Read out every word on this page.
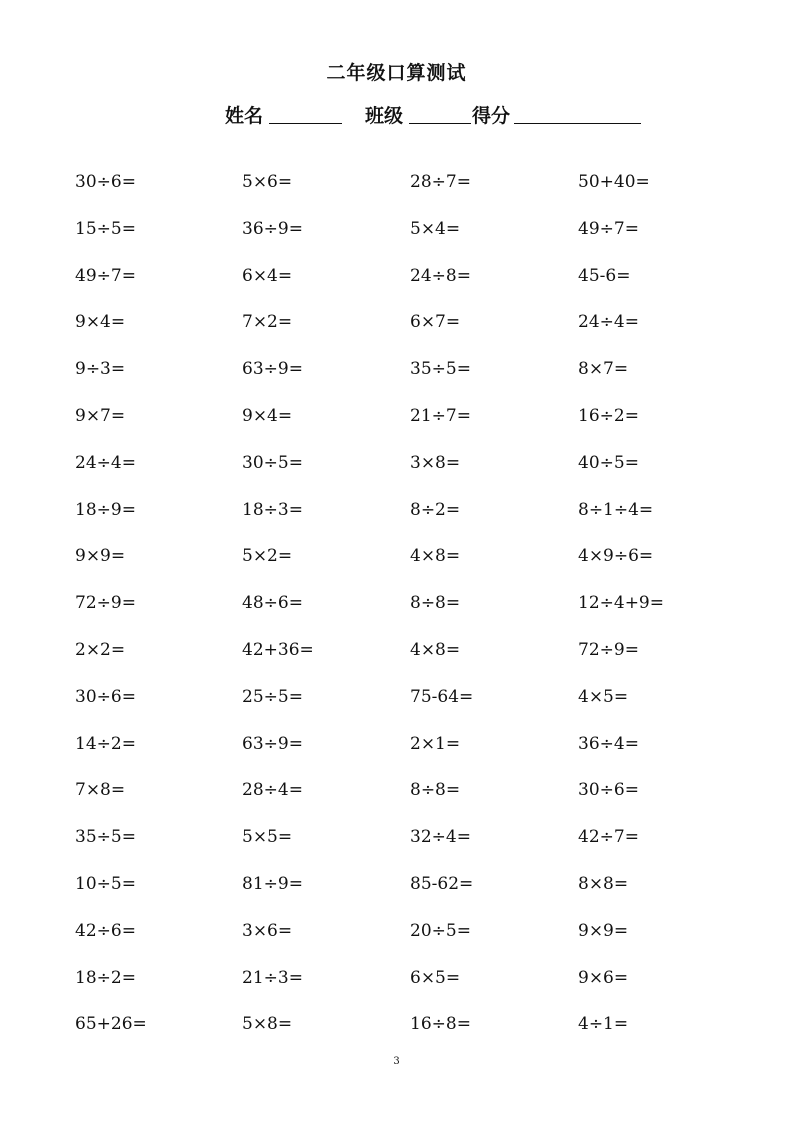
二年级口算测试
姓名	班级	得分
30÷6=	5×6=	28÷7=	50+40=
15÷5=	36÷9=	5×4=	49÷7=
49÷7=	6×4=	24÷8=	45-6=
9×4=	7×2=	6×7=	24÷4=
9÷3=	63÷9=	35÷5=	8×7=
9×7=	9×4=	21÷7=	16÷2=
24÷4=	30÷5=	3×8=	40÷5=
18÷9=	18÷3=	8÷2=	8÷1÷4=
9×9=	5×2=	4×8=	4×9÷6=
72÷9=	48÷6=	8÷8=	12÷4+9=
2×2=	42+36=	4×8=	72÷9=
30÷6=	25÷5=	75-64=	4×5=
14÷2=	63÷9=	2×1=	36÷4=
7×8=	28÷4=	8÷8=	30÷6=
35÷5=	5×5=	32÷4=	42÷7=
10÷5=	81÷9=	85-62=	8×8=
42÷6=	3×6=	20÷5=	9×9=
18÷2=	21÷3=	6×5=	9×6=
65+26=	5×8=	16÷8=	4÷1=
3
